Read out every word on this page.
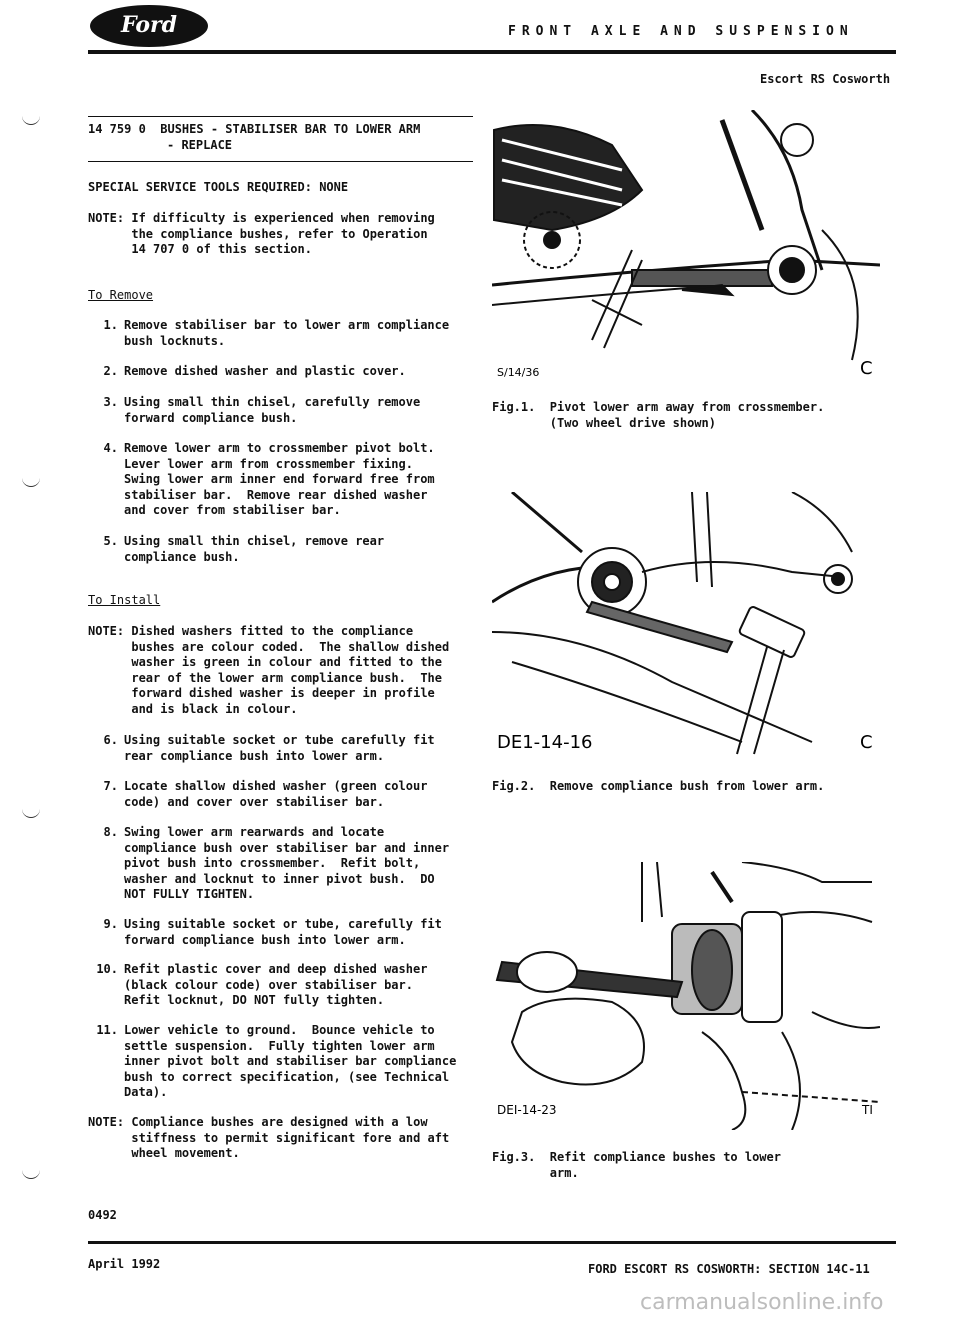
Ford	FRONT AXLE AND SUSPENSION
Escort RS Cosworth
14 759 0  BUSHES - STABILISER BAR TO LOWER ARM
- REPLACE
SPECIAL SERVICE TOOLS REQUIRED: NONE
NOTE: If difficulty is experienced when removing
the compliance bushes, refer to Operation
14 707 0 of this section.
To Remove
1. Remove stabiliser bar to lower arm compliance
bush locknuts.
2. Remove dished washer and plastic cover.
3. Using small thin chisel, carefully remove
forward compliance bush.
4. Remove lower arm to crossmember pivot bolt.
Lever lower arm from crossmember fixing.
Swing lower arm inner end forward free from
stabiliser bar.  Remove rear dished washer
and cover from stabiliser bar.
5. Using small thin chisel, remove rear
compliance bush.
To Install
NOTE: Dished washers fitted to the compliance
bushes are colour coded.  The shallow dished
washer is green in colour and fitted to the
rear of the lower arm compliance bush.  The
forward dished washer is deeper in profile
and is black in colour.
6. Using suitable socket or tube carefully fit
rear compliance bush into lower arm.
7. Locate shallow dished washer (green colour
code) and cover over stabiliser bar.
8. Swing lower arm rearwards and locate
compliance bush over stabiliser bar and inner
pivot bush into crossmember.  Refit bolt,
washer and locknut to inner pivot bush.  DO
NOT FULLY TIGHTEN.
9. Using suitable socket or tube, carefully fit
forward compliance bush into lower arm.
10. Refit plastic cover and deep dished washer
(black colour code) over stabiliser bar.
Refit locknut, DO NOT fully tighten.
11. Lower vehicle to ground.  Bounce vehicle to
settle suspension.  Fully tighten lower arm
inner pivot bolt and stabiliser bar compliance
bush to correct specification, (see Technical
Data).
NOTE: Compliance bushes are designed with a low
stiffness to permit significant fore and aft
wheel movement.
0492
S/14/36	C
Fig.1.  Pivot lower arm away from crossmember.
(Two wheel drive shown)
DE1-14-16	C
Fig.2.  Remove compliance bush from lower arm.
DEI-14-23	TI
Fig.3.  Refit compliance bushes to lower
arm.
April 1992	FORD ESCORT RS COSWORTH: SECTION 14C-11
carmanualsonline.info
